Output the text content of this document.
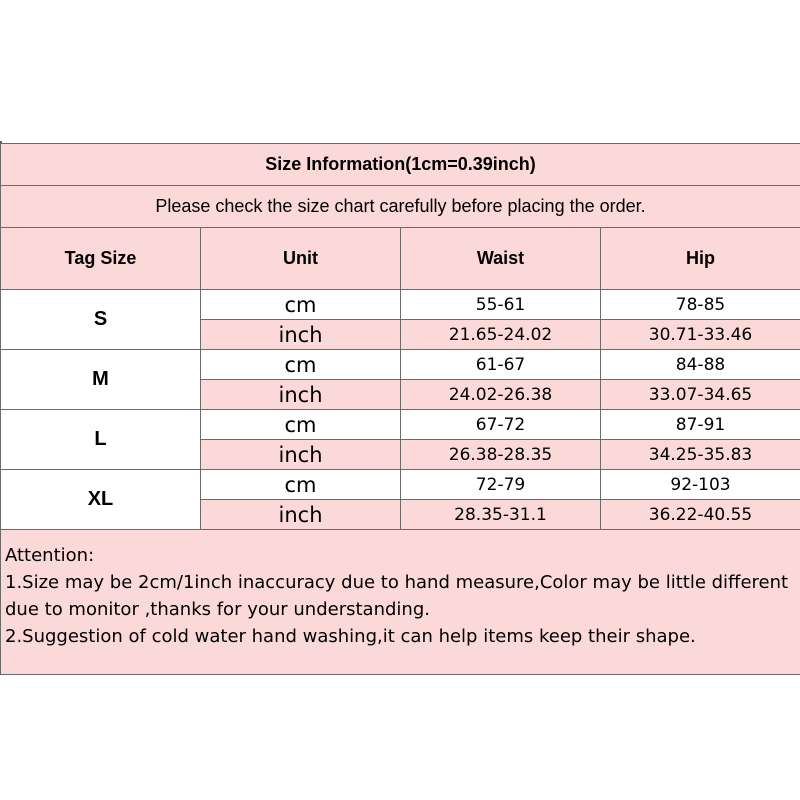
Size Information(1cm=0.39inch)			
Please check the size chart carefully before placing the order.			
Tag Size	Unit	Waist	Hip
S	cm	55-61	78-85
	inch	21.65-24.02	30.71-33.46
M	cm	61-67	84-88
	inch	24.02-26.38	33.07-34.65
L	cm	67-72	87-91
	inch	26.38-28.35	34.25-35.83
XL	cm	72-79	92-103
	inch	28.35-31.1	36.22-40.55

Attention:
1.Size may be 2cm/1inch inaccuracy due to hand measure,Color may be little different due to monitor ,thanks for your understanding.
2.Suggestion of cold water hand washing,it can help items keep their shape.			
